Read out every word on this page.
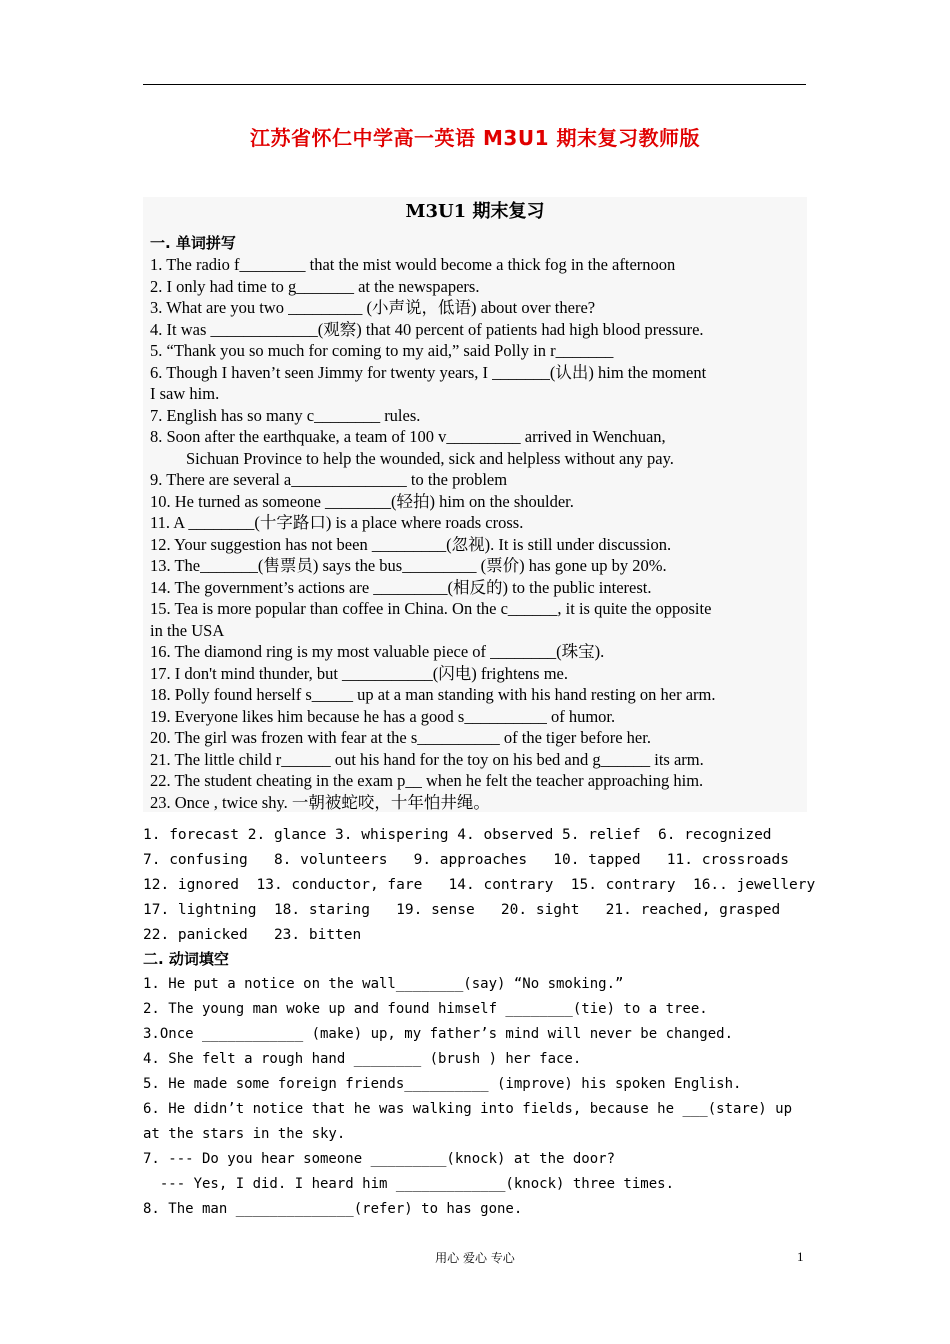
江苏省怀仁中学高一英语 M3U1 期末复习教师版
M3U1 期末复习
一. 单词拼写
1. The radio f________ that the mist would become a thick fog in the afternoon
2. I only had time to g_______ at the newspapers.
3. What are you two _________ (小声说，低语) about over there?
4. It was _____________(观察) that 40 percent of patients had high blood pressure.
5. “Thank you so much for coming to my aid,” said Polly in r_______
6. Though I haven’t seen Jimmy for twenty years, I _______(认出) him the moment
I saw him.
7. English has so many c________ rules.
8. Soon after the earthquake, a team of 100 v_________ arrived in Wenchuan,
Sichuan Province to help the wounded, sick and helpless without any pay.
9. There are several a______________ to the problem
10. He turned as someone ________(轻拍) him on the shoulder.
11. A ________(十字路口) is a place where roads cross.
12. Your suggestion has not been _________(忽视). It is still under discussion.
13. The_______(售票员) says the bus_________ (票价) has gone up by 20%.
14. The government’s actions are _________(相反的) to the public interest.
15. Tea is more popular than coffee in China. On the c______, it is quite the opposite
in the USA
16. The diamond ring is my most valuable piece of ________(珠宝).
17. I don't mind thunder, but ___________(闪电) frightens me.
18. Polly found herself s_____ up at a man standing with his hand resting on her arm.
19. Everyone likes him because he has a good s__________ of humor.
20. The girl was frozen with fear at the s__________ of the tiger before her.
21. The little child r______ out his hand for the toy on his bed and g______ its arm.
22. The student cheating in the exam p__ when he felt the teacher approaching him.
23. Once , twice shy. 一朝被蛇咬，十年怕井绳。
1. forecast 2. glance 3. whispering 4. observed 5. relief  6. recognized
7. confusing   8. volunteers   9. approaches   10. tapped   11. crossroads
12. ignored  13. conductor, fare   14. contrary  15. contrary  16.. jewellery
17. lightning  18. staring   19. sense   20. sight   21. reached, grasped
22. panicked   23. bitten
二. 动词填空
1. He put a notice on the wall________(say) “No smoking.”
2. The young man woke up and found himself ________(tie) to a tree.
3.Once ____________ (make) up, my father’s mind will never be changed.
4. She felt a rough hand ________ (brush ) her face.
5. He made some foreign friends__________ (improve) his spoken English.
6. He didn’t notice that he was walking into fields, because he ___(stare) up
at the stars in the sky.
7. --- Do you hear someone _________(knock) at the door?
--- Yes, I did. I heard him _____________(knock) three times.
8. The man ______________(refer) to has gone.
用心 爱心 专心	1
